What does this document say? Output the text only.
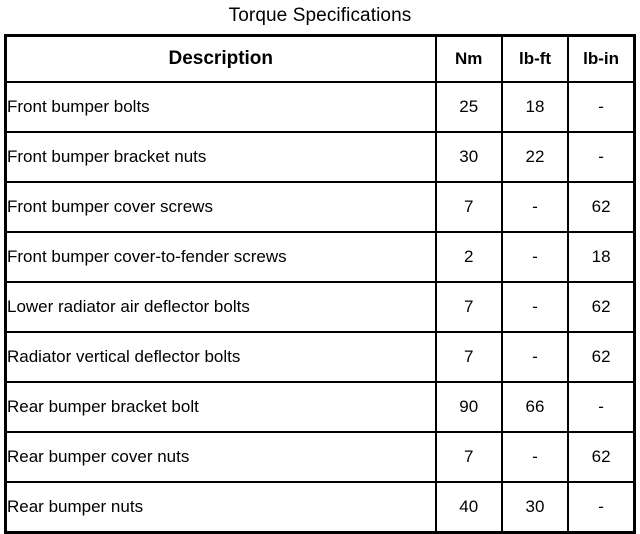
Torque Specifications
Description	Nm	lb-ft	lb-in
Front bumper bolts	25	18	-
Front bumper bracket nuts	30	22	-
Front bumper cover screws	7	-	62
Front bumper cover-to-fender screws	2	-	18
Lower radiator air deflector bolts	7	-	62
Radiator vertical deflector bolts	7	-	62
Rear bumper bracket bolt	90	66	-
Rear bumper cover nuts	7	-	62
Rear bumper nuts	40	30	-
